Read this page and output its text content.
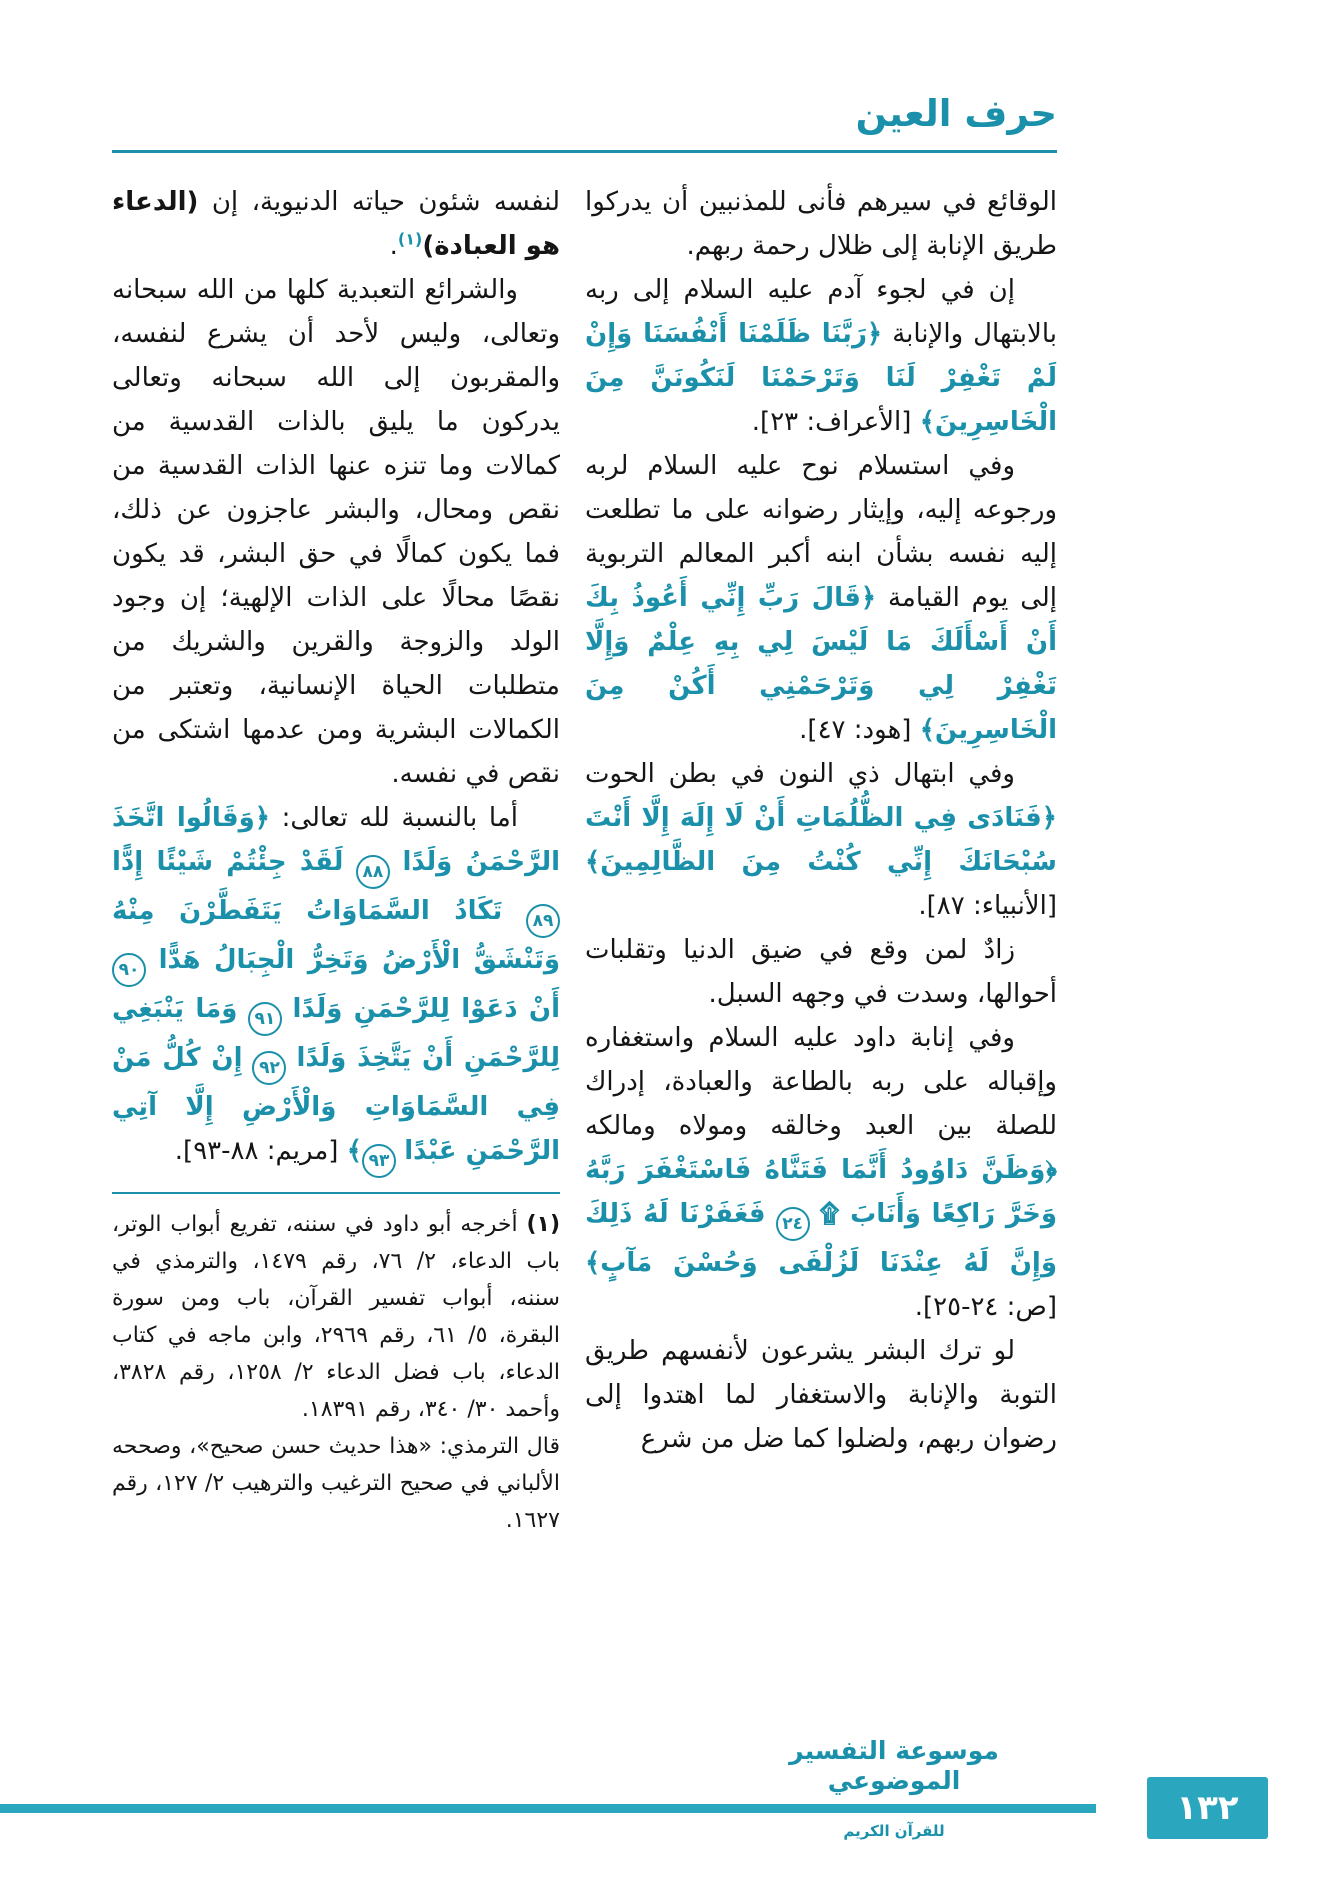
حرف العين

الوقائع في سيرهم فأنى للمذنبين أن يدركوا طريق الإنابة إلى ظلال رحمة ربهم.

إن في لجوء آدم عليه السلام إلى ربه بالابتهال والإنابة ﴿رَبَّنَا ظَلَمْنَا أَنْفُسَنَا وَإِنْ لَمْ تَغْفِرْ لَنَا وَتَرْحَمْنَا لَنَكُونَنَّ مِنَ الْخَاسِرِينَ﴾ [الأعراف: ٢٣].

وفي استسلام نوح عليه السلام لربه ورجوعه إليه، وإيثار رضوانه على ما تطلعت إليه نفسه بشأن ابنه أكبر المعالم التربوية إلى يوم القيامة ﴿قَالَ رَبِّ إِنِّي أَعُوذُ بِكَ أَنْ أَسْأَلَكَ مَا لَيْسَ لِي بِهِ عِلْمٌ وَإِلَّا تَغْفِرْ لِي وَتَرْحَمْنِي أَكُنْ مِنَ الْخَاسِرِينَ﴾ [هود: ٤٧].

وفي ابتهال ذي النون في بطن الحوت ﴿فَنَادَى فِي الظُّلُمَاتِ أَنْ لَا إِلَهَ إِلَّا أَنْتَ سُبْحَانَكَ إِنِّي كُنْتُ مِنَ الظَّالِمِينَ﴾ [الأنبياء: ٨٧].

زادٌ لمن وقع في ضيق الدنيا وتقلبات أحوالها، وسدت في وجهه السبل.

وفي إنابة داود عليه السلام واستغفاره وإقباله على ربه بالطاعة والعبادة، إدراك للصلة بين العبد وخالقه ومولاه ومالكه ﴿وَظَنَّ دَاوُودُ أَنَّمَا فَتَنَّاهُ فَاسْتَغْفَرَ رَبَّهُ وَخَرَّ رَاكِعًا وَأَنَابَ ۩ ٢٤ فَغَفَرْنَا لَهُ ذَلِكَ وَإِنَّ لَهُ عِنْدَنَا لَزُلْفَى وَحُسْنَ مَآبٍ﴾ [ص: ٢٤-٢٥].

لو ترك البشر يشرعون لأنفسهم طريق التوبة والإنابة والاستغفار لما اهتدوا إلى رضوان ربهم، ولضلوا كما ضل من شرع

لنفسه شئون حياته الدنيوية، إن (الدعاء هو العبادة)$^{(١)}$.

والشرائع التعبدية كلها من الله سبحانه وتعالى، وليس لأحد أن يشرع لنفسه، والمقربون إلى الله سبحانه وتعالى يدركون ما يليق بالذات القدسية من كمالات وما تنزه عنها الذات القدسية من نقص ومحال، والبشر عاجزون عن ذلك، فما يكون كمالًا في حق البشر، قد يكون نقصًا محالًا على الذات الإلهية؛ إن وجود الولد والزوجة والقرين والشريك من متطلبات الحياة الإنسانية، وتعتبر من الكمالات البشرية ومن عدمها اشتكى من نقص في نفسه.

أما بالنسبة لله تعالى: ﴿وَقَالُوا اتَّخَذَ الرَّحْمَنُ وَلَدًا ٨٨ لَقَدْ جِئْتُمْ شَيْئًا إِدًّا ٨٩ تَكَادُ السَّمَاوَاتُ يَتَفَطَّرْنَ مِنْهُ وَتَنْشَقُّ الْأَرْضُ وَتَخِرُّ الْجِبَالُ هَدًّا ٩٠ أَنْ دَعَوْا لِلرَّحْمَنِ وَلَدًا ٩١ وَمَا يَنْبَغِي لِلرَّحْمَنِ أَنْ يَتَّخِذَ وَلَدًا ٩٢ إِنْ كُلُّ مَنْ فِي السَّمَاوَاتِ وَالْأَرْضِ إِلَّا آتِي الرَّحْمَنِ عَبْدًا ٩٣﴾ [مريم: ٨٨-٩٣].

(١) أخرجه أبو داود في سننه، تفريع أبواب الوتر، باب الدعاء، ٢/ ٧٦، رقم ١٤٧٩، والترمذي في سننه، أبواب تفسير القرآن، باب ومن سورة البقرة، ٥/ ٦١، رقم ٢٩٦٩، وابن ماجه في كتاب الدعاء، باب فضل الدعاء ٢/ ١٢٥٨، رقم ٣٨٢٨، وأحمد ٣٠/ ٣٤٠، رقم ١٨٣٩١.

قال الترمذي: «هذا حديث حسن صحيح»، وصححه الألباني في صحيح الترغيب والترهيب ٢/ ١٢٧، رقم ١٦٢٧.

موسوعة التفسير الموضوعي
للقرآن الكريم
١٣٢
